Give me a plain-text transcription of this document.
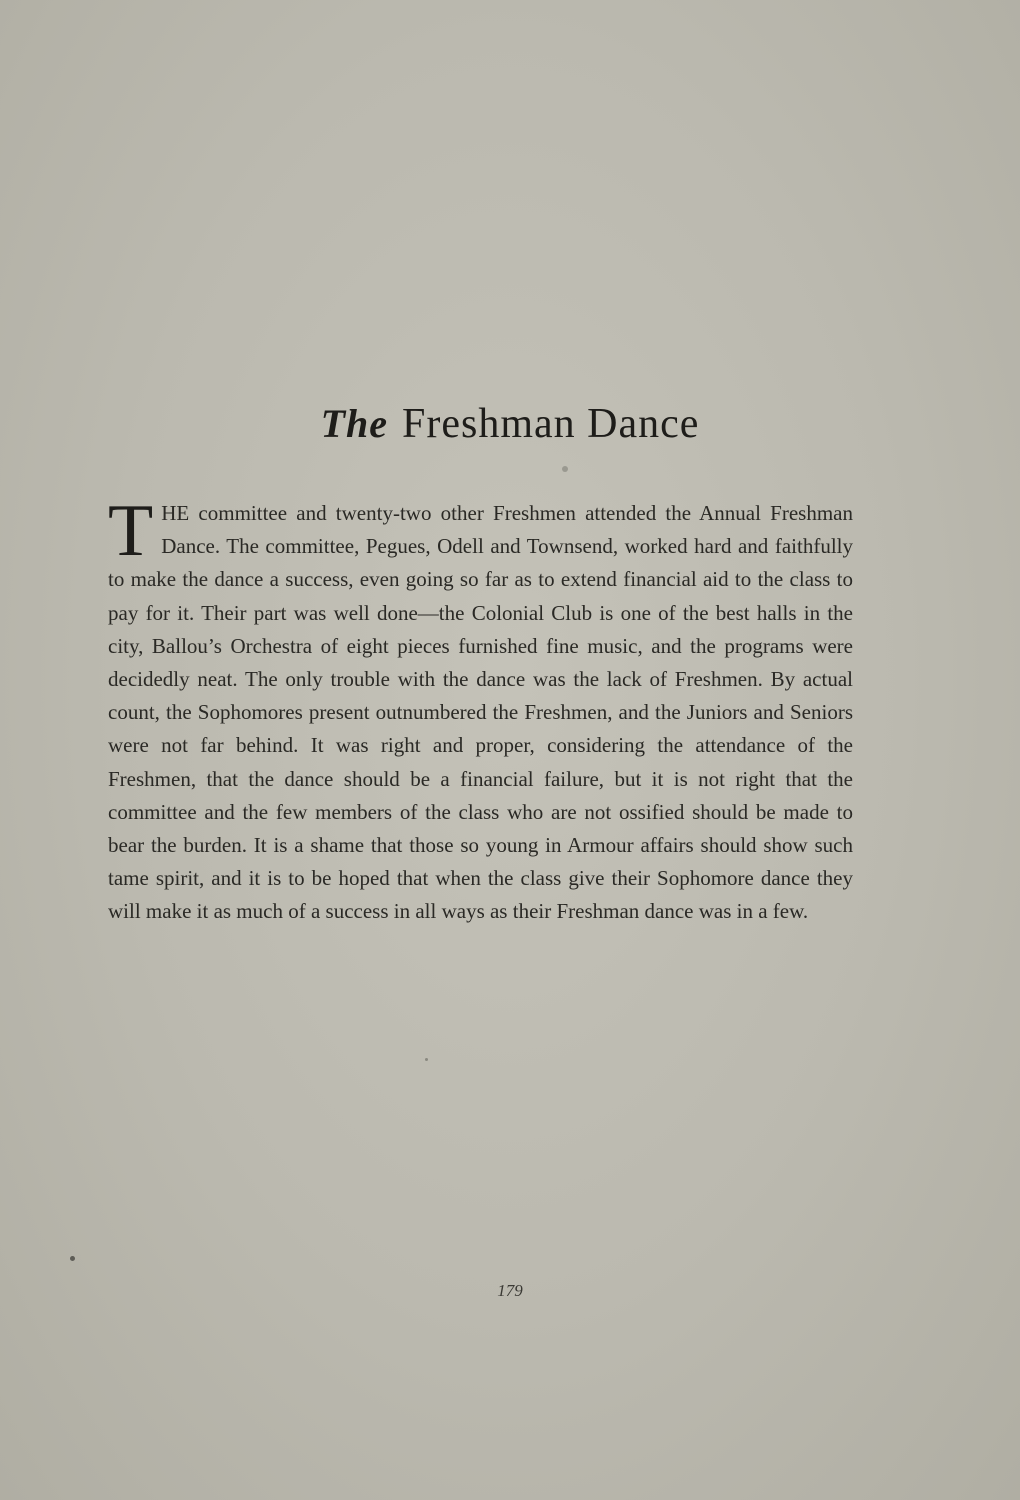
The Freshman Dance

THE committee and twenty-two other Freshmen attended the Annual Freshman Dance. The committee, Pegues, Odell and Townsend, worked hard and faithfully to make the dance a success, even going so far as to extend financial aid to the class to pay for it. Their part was well done—the Colonial Club is one of the best halls in the city, Ballou’s Orchestra of eight pieces furnished fine music, and the programs were decidedly neat. The only trouble with the dance was the lack of Freshmen. By actual count, the Sophomores present outnumbered the Freshmen, and the Juniors and Seniors were not far behind. It was right and proper, considering the attendance of the Freshmen, that the dance should be a financial failure, but it is not right that the committee and the few members of the class who are not ossified should be made to bear the burden. It is a shame that those so young in Armour affairs should show such tame spirit, and it is to be hoped that when the class give their Sophomore dance they will make it as much of a success in all ways as their Freshman dance was in a few.

179
